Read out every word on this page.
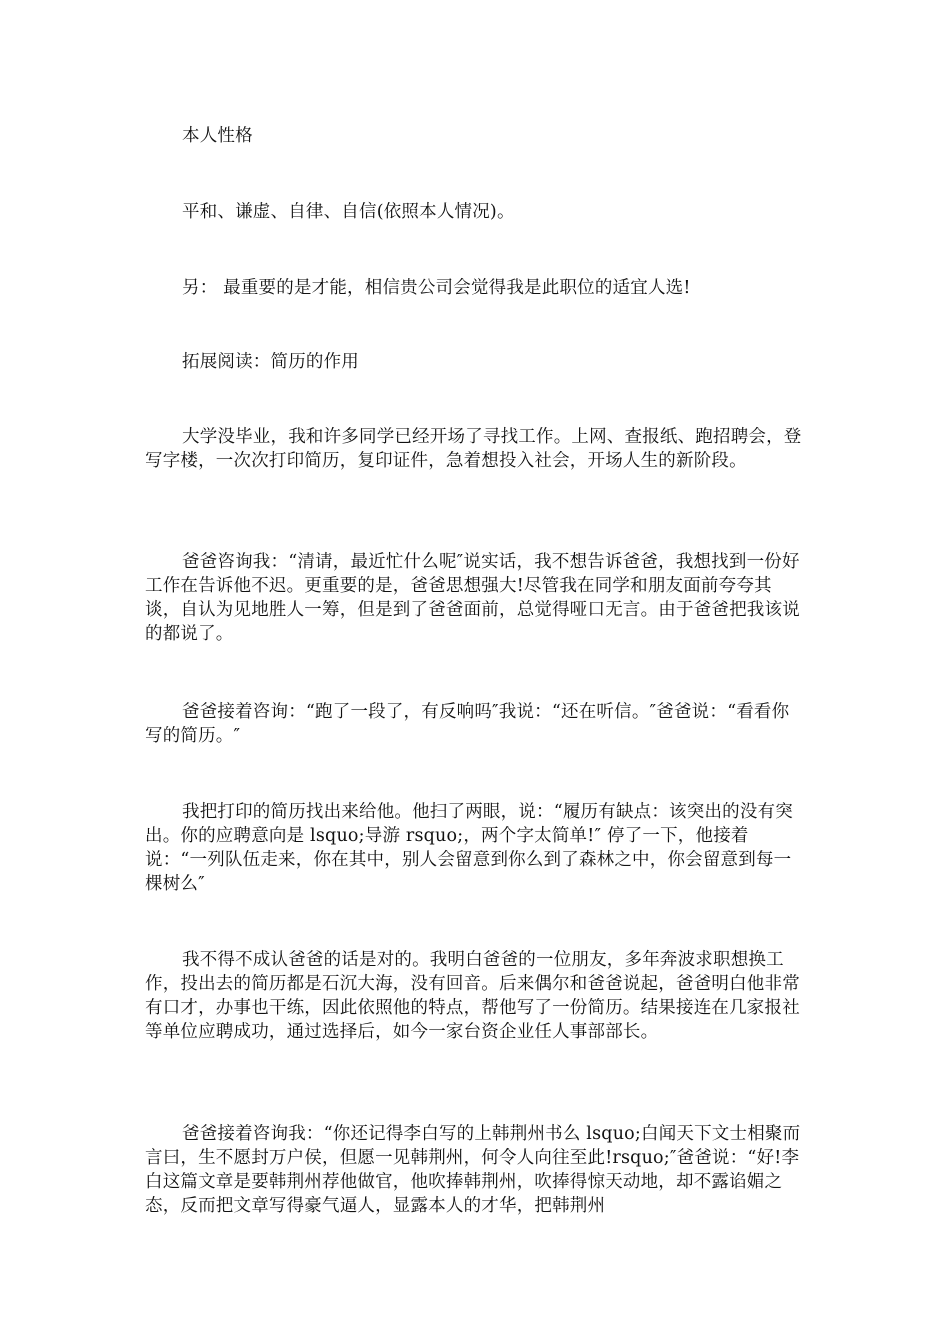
本人性格

平和、谦虚、自律、自信(依照本人情况)。

另： 最重要的是才能，相信贵公司会觉得我是此职位的适宜人选!

拓展阅读：简历的作用

大学没毕业，我和许多同学已经开场了寻找工作。上网、查报纸、跑招聘会，登写字楼，一次次打印简历，复印证件，急着想投入社会，开场人生的新阶段。

爸爸咨询我：“清请，最近忙什么呢″说实话，我不想告诉爸爸，我想找到一份好工作在告诉他不迟。更重要的是，爸爸思想强大!尽管我在同学和朋友面前夸夸其谈，自认为见地胜人一筹，但是到了爸爸面前，总觉得哑口无言。由于爸爸把我该说的都说了。

爸爸接着咨询：“跑了一段了，有反响吗″我说：“还在听信。″爸爸说：“看看你写的简历。″

我把打印的简历找出来给他。他扫了两眼，说：“履历有缺点：该突出的没有突出。你的应聘意向是 lsquo;导游 rsquo;，两个字太简单!″ 停了一下，他接着说：“一列队伍走来，你在其中，别人会留意到你么到了森林之中，你会留意到每一棵树么″

我不得不成认爸爸的话是对的。我明白爸爸的一位朋友，多年奔波求职想换工作，投出去的简历都是石沉大海，没有回音。后来偶尔和爸爸说起，爸爸明白他非常有口才，办事也干练，因此依照他的特点，帮他写了一份简历。结果接连在几家报社等单位应聘成功，通过选择后，如今一家台资企业任人事部部长。

爸爸接着咨询我：“你还记得李白写的上韩荆州书么 lsquo;白闻天下文士相聚而言曰，生不愿封万户侯，但愿一见韩荆州，何令人向往至此!rsquo;″爸爸说：“好!李白这篇文章是要韩荆州荐他做官，他吹捧韩荆州，吹捧得惊天动地，却不露谄媚之态，反而把文章写得豪气逼人，显露本人的才华，把韩荆州
